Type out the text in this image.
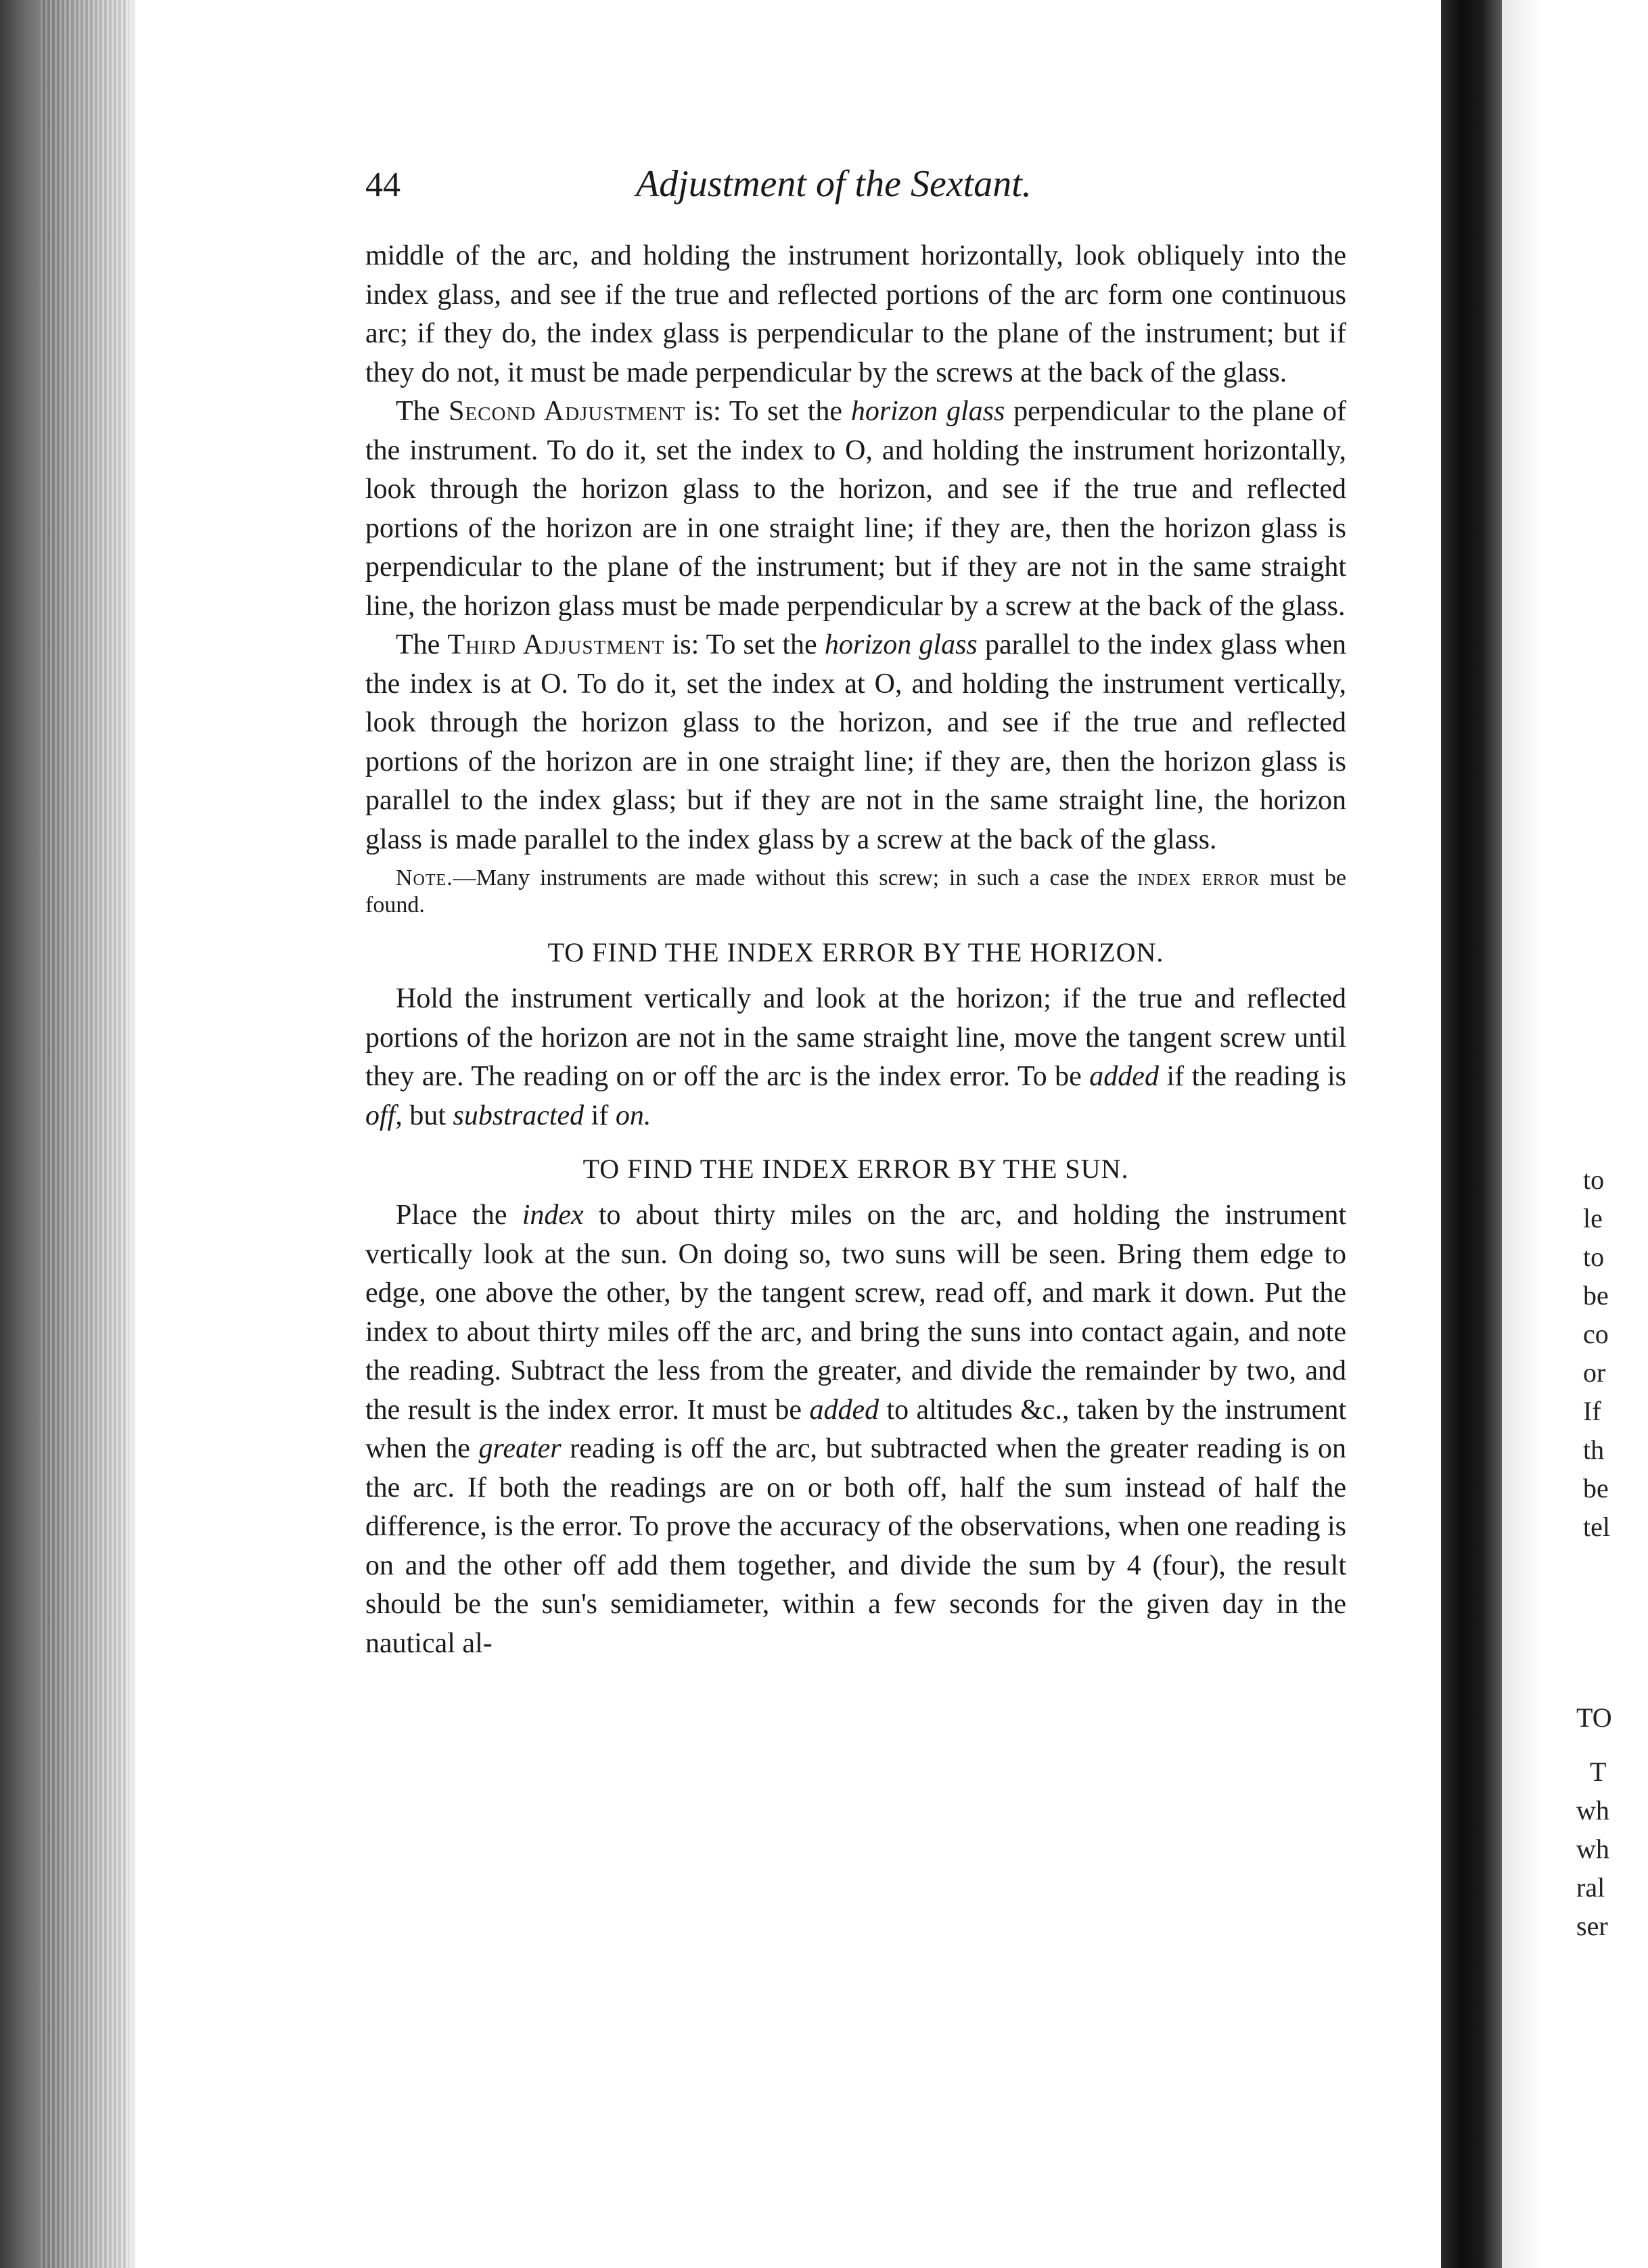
to
le
to
be
co
or
If
th
be
tel
TO
T
wh
wh
ral
ser
44	Adjustment of the Sextant.

middle of the arc, and holding the instrument horizontally, look obliquely into the index glass, and see if the true and reflected portions of the arc form one continuous arc; if they do, the index glass is perpendicular to the plane of the instrument; but if they do not, it must be made perpendicular by the screws at the back of the glass.

The Second Adjustment is: To set the horizon glass perpendicular to the plane of the instrument. To do it, set the index to O, and holding the instrument horizontally, look through the horizon glass to the horizon, and see if the true and reflected portions of the horizon are in one straight line; if they are, then the horizon glass is perpendicular to the plane of the instrument; but if they are not in the same straight line, the horizon glass must be made perpendicular by a screw at the back of the glass.

The Third Adjustment is: To set the horizon glass parallel to the index glass when the index is at O. To do it, set the index at O, and holding the instrument vertically, look through the horizon glass to the horizon, and see if the true and reflected portions of the horizon are in one straight line; if they are, then the horizon glass is parallel to the index glass; but if they are not in the same straight line, the horizon glass is made parallel to the index glass by a screw at the back of the glass.

Note.—Many instruments are made without this screw; in such a case the index error must be found.

TO FIND THE INDEX ERROR BY THE HORIZON.

Hold the instrument vertically and look at the horizon; if the true and reflected portions of the horizon are not in the same straight line, move the tangent screw until they are. The reading on or off the arc is the index error. To be added if the reading is off, but substracted if on.

TO FIND THE INDEX ERROR BY THE SUN.

Place the index to about thirty miles on the arc, and holding the instrument vertically look at the sun. On doing so, two suns will be seen. Bring them edge to edge, one above the other, by the tangent screw, read off, and mark it down. Put the index to about thirty miles off the arc, and bring the suns into contact again, and note the reading. Subtract the less from the greater, and divide the remainder by two, and the result is the index error. It must be added to altitudes &c., taken by the instrument when the greater reading is off the arc, but subtracted when the greater reading is on the arc. If both the readings are on or both off, half the sum instead of half the difference, is the error. To prove the accuracy of the observations, when one reading is on and the other off add them together, and divide the sum by 4 (four), the result should be the sun's semidiameter, within a few seconds for the given day in the nautical al-
